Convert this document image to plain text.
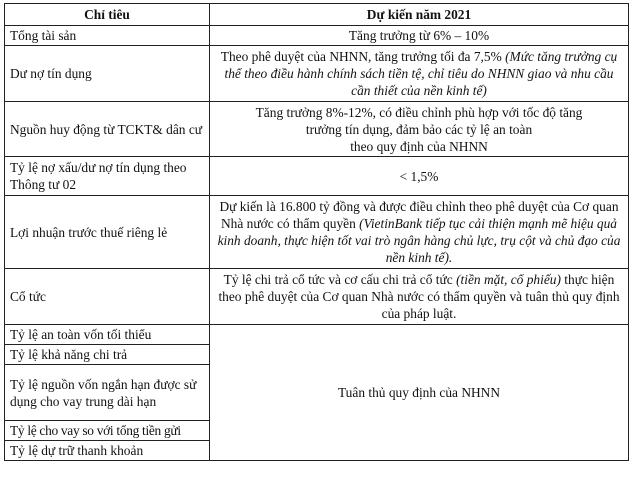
Chỉ tiêu	Dự kiến năm 2021
Tổng tài sản	Tăng trưởng từ 6% – 10%
Dư nợ tín dụng	Theo phê duyệt của NHNN, tăng trưởng tối đa 7,5% (Mức tăng trưởng cụ thể theo điều hành chính sách tiền tệ, chỉ tiêu do NHNN giao và nhu cầu cần thiết của nền kinh tế)
Nguồn huy động từ TCKT& dân cư	Tăng trưởng 8%-12%, có điều chỉnh phù hợp với tốc độ tăng
trưởng tín dụng, đảm bảo các tỷ lệ an toàn
theo quy định của NHNN

Tỷ lệ nợ xấu/dư nợ tín dụng theo Thông tư 02	< 1,5%
Lợi nhuận trước thuế riêng lẻ	Dự kiến là 16.800 tỷ đồng và được điều chỉnh theo phê duyệt của Cơ quan Nhà nước có thẩm quyền (VietinBank tiếp tục cải thiện mạnh mẽ hiệu quả kinh doanh, thực hiện tốt vai trò ngân hàng chủ lực, trụ cột và chủ đạo của nền kinh tế).
Cổ tức	Tỷ lệ chi trả cổ tức và cơ cấu chi trả cổ tức (tiền mặt, cổ phiếu) thực hiện theo phê duyệt của Cơ quan Nhà nước có thẩm quyền và tuân thủ quy định của pháp luật.
Tỷ lệ an toàn vốn tối thiểu	Tuân thủ quy định của NHNN
Tỷ lệ khả năng chi trả	
Tỷ lệ nguồn vốn ngắn hạn được sử dụng cho vay trung dài hạn	
Tỷ lệ cho vay so với tổng tiền gửi	
Tỷ lệ dự trữ thanh khoản	
